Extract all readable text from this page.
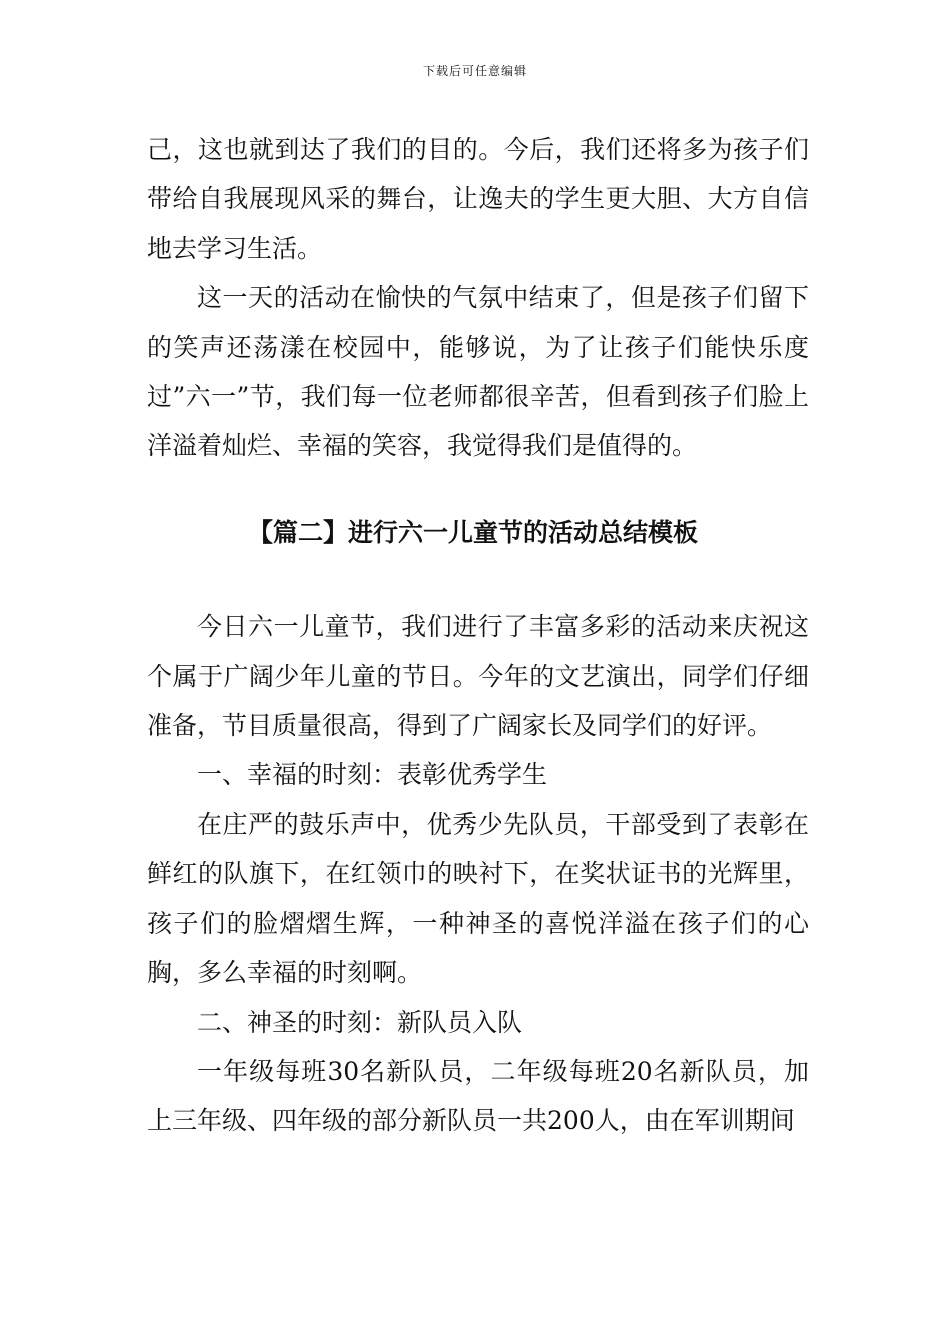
下载后可任意编辑

己，这也就到达了我们的目的。今后，我们还将多为孩子们带给自我展现风采的舞台，让逸夫的学生更大胆、大方自信地去学习生活。

这一天的活动在愉快的气氛中结束了，但是孩子们留下的笑声还荡漾在校园中，能够说，为了让孩子们能快乐度过”六一”节，我们每一位老师都很辛苦，但看到孩子们脸上洋溢着灿烂、幸福的笑容，我觉得我们是值得的。

【篇二】进行六一儿童节的活动总结模板

今日六一儿童节，我们进行了丰富多彩的活动来庆祝这个属于广阔少年儿童的节日。今年的文艺演出，同学们仔细准备，节目质量很高，得到了广阔家长及同学们的好评。

一、幸福的时刻：表彰优秀学生

在庄严的鼓乐声中，优秀少先队员，干部受到了表彰在鲜红的队旗下，在红领巾的映衬下，在奖状证书的光辉里，孩子们的脸熠熠生辉，一种神圣的喜悦洋溢在孩子们的心胸，多么幸福的时刻啊。

二、神圣的时刻：新队员入队

一年级每班30名新队员，二年级每班20名新队员，加上三年级、四年级的部分新队员一共200人，由在军训期间
